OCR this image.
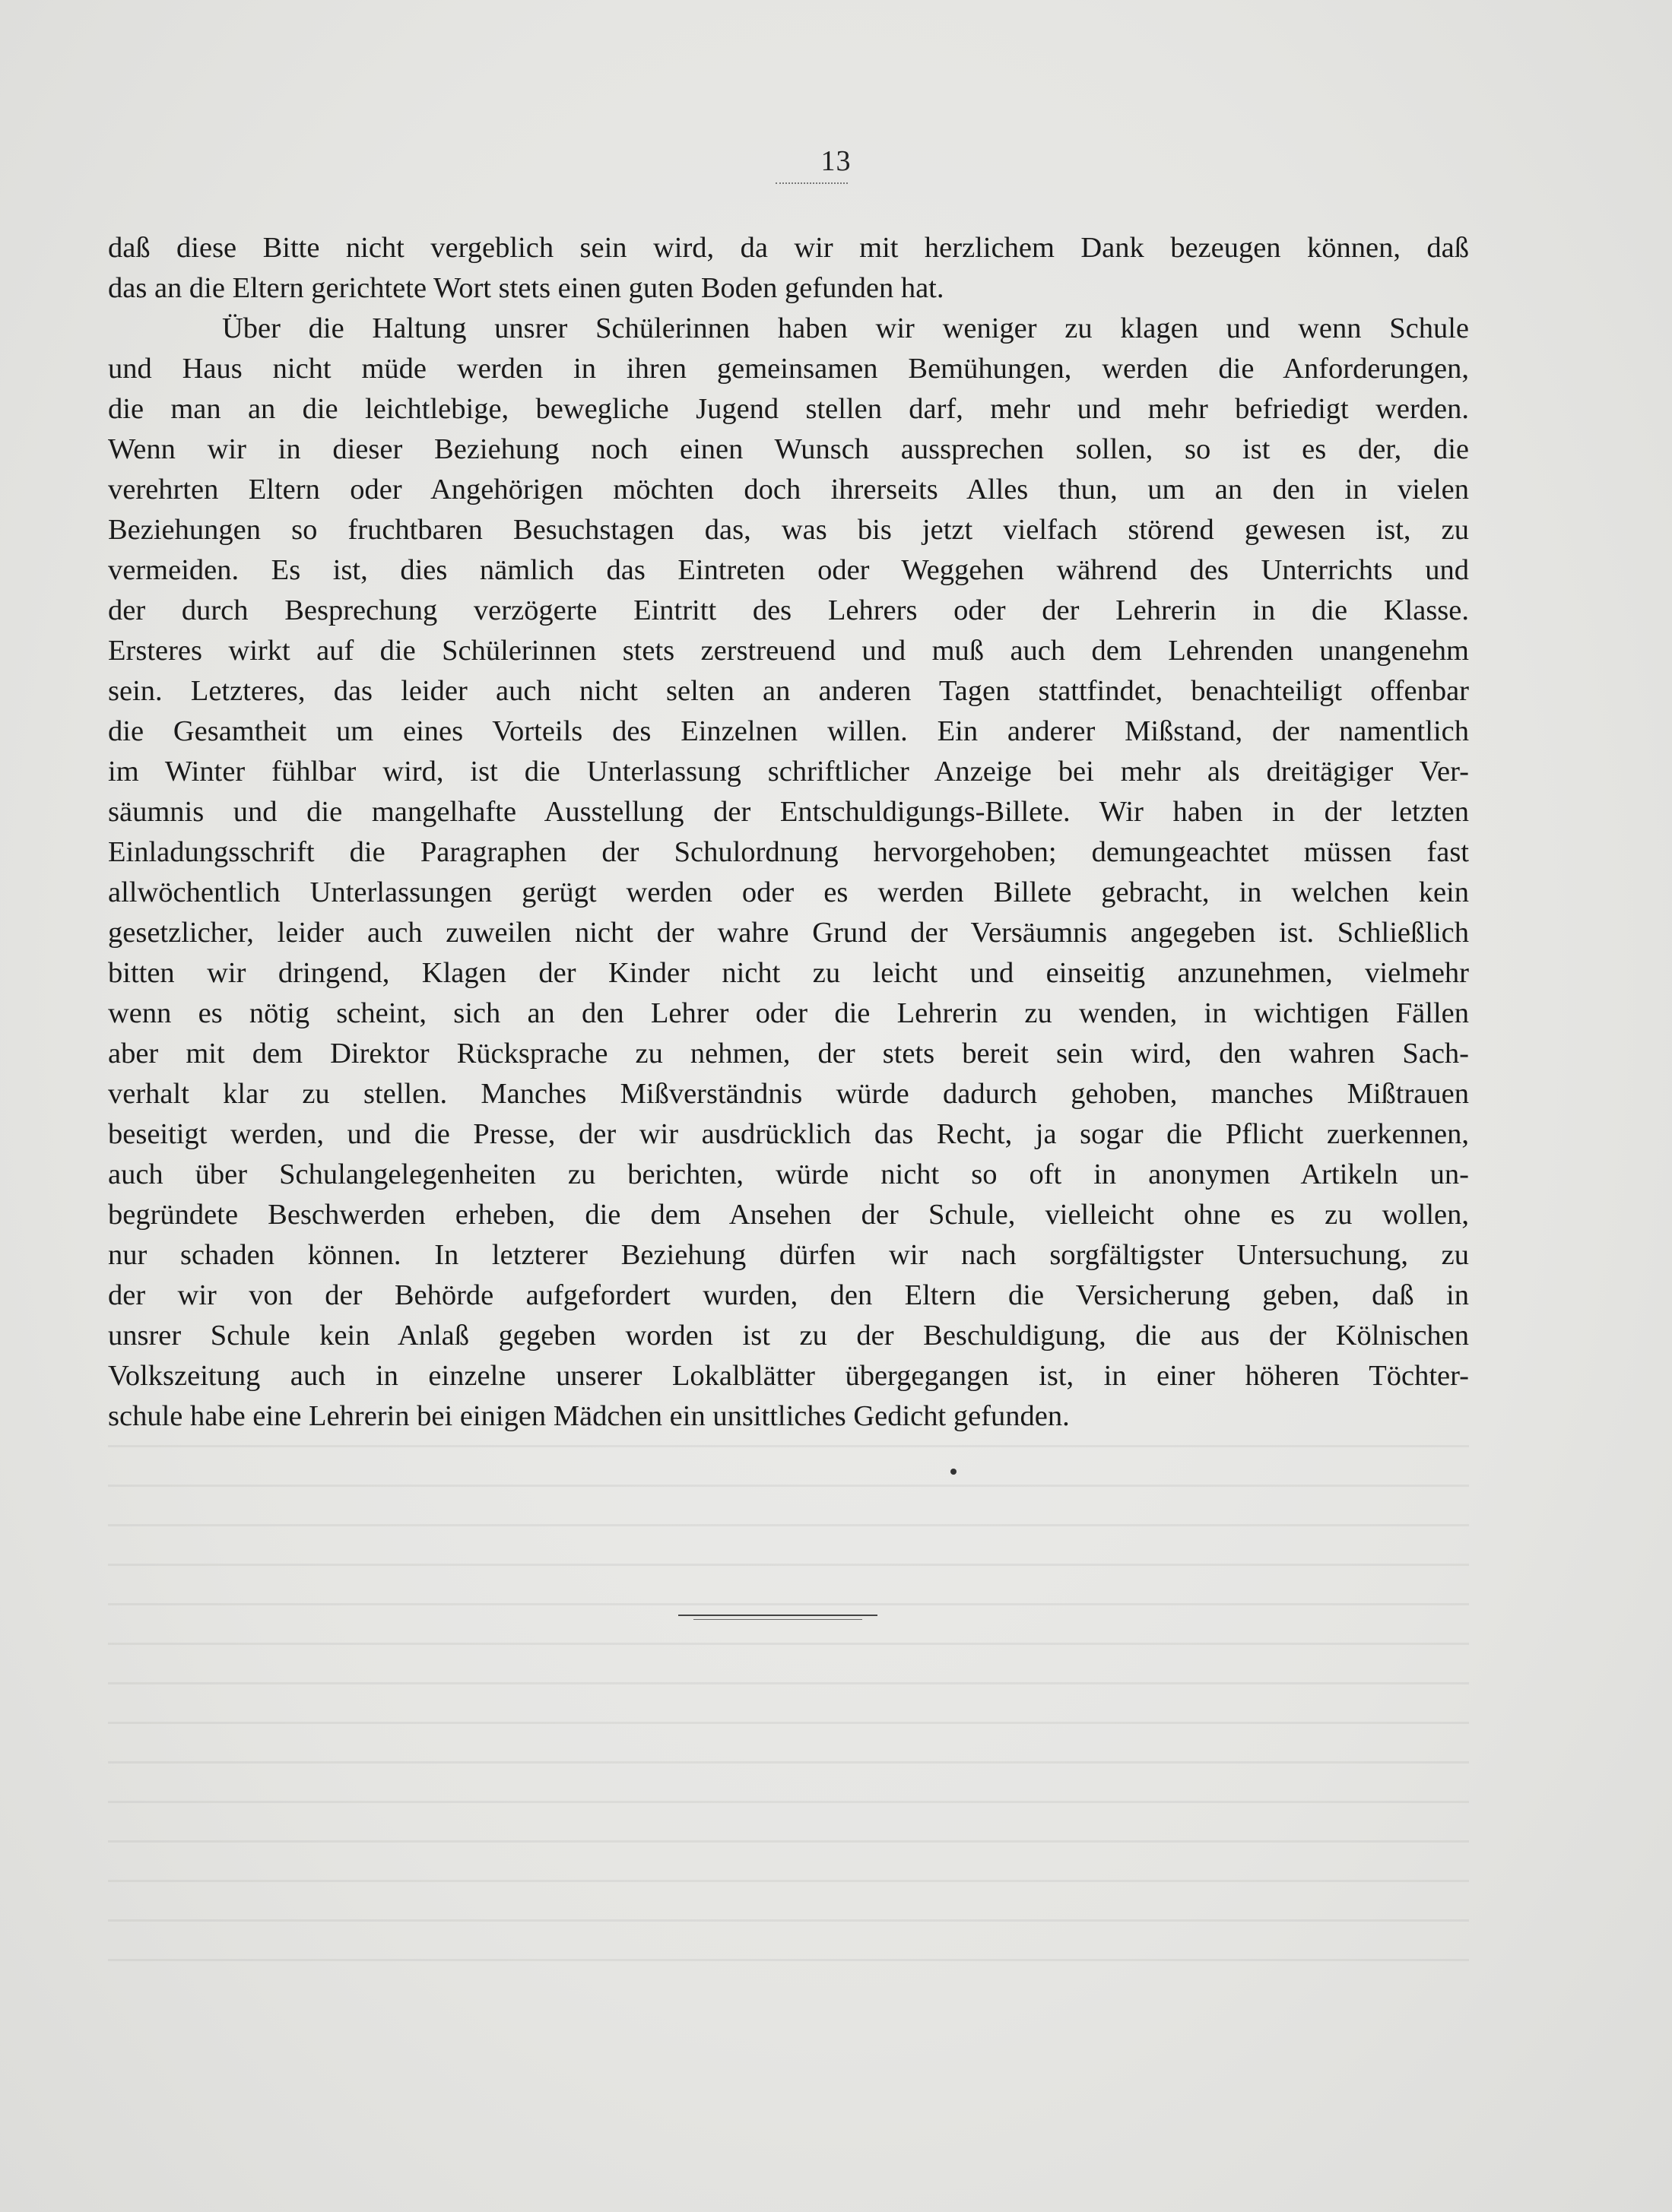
13
daß diese Bitte nicht vergeblich sein wird, da wir mit herzlichem Dank bezeugen können, daß
das an die Eltern gerichtete Wort stets einen guten Boden gefunden hat.
Über die Haltung unsrer Schülerinnen haben wir weniger zu klagen und wenn Schule
und Haus nicht müde werden in ihren gemeinsamen Bemühungen, werden die Anforderungen,
die man an die leichtlebige, bewegliche Jugend stellen darf, mehr und mehr befriedigt werden.
Wenn wir in dieser Beziehung noch einen Wunsch aussprechen sollen, so ist es der, die
verehrten Eltern oder Angehörigen möchten doch ihrerseits Alles thun, um an den in vielen
Beziehungen so fruchtbaren Besuchstagen das, was bis jetzt vielfach störend gewesen ist, zu
vermeiden. Es ist, dies nämlich das Eintreten oder Weggehen während des Unterrichts und
der durch Besprechung verzögerte Eintritt des Lehrers oder der Lehrerin in die Klasse.
Ersteres wirkt auf die Schülerinnen stets zerstreuend und muß auch dem Lehrenden unangenehm
sein. Letzteres, das leider auch nicht selten an anderen Tagen stattfindet, benachteiligt offenbar
die Gesamtheit um eines Vorteils des Einzelnen willen. Ein anderer Mißstand, der namentlich
im Winter fühlbar wird, ist die Unterlassung schriftlicher Anzeige bei mehr als dreitägiger Ver-
säumnis und die mangelhafte Ausstellung der Entschuldigungs-Billete. Wir haben in der letzten
Einladungsschrift die Paragraphen der Schulordnung hervorgehoben; demungeachtet müssen fast
allwöchentlich Unterlassungen gerügt werden oder es werden Billete gebracht, in welchen kein
gesetzlicher, leider auch zuweilen nicht der wahre Grund der Versäumnis angegeben ist. Schließlich
bitten wir dringend, Klagen der Kinder nicht zu leicht und einseitig anzunehmen, vielmehr
wenn es nötig scheint, sich an den Lehrer oder die Lehrerin zu wenden, in wichtigen Fällen
aber mit dem Direktor Rücksprache zu nehmen, der stets bereit sein wird, den wahren Sach-
verhalt klar zu stellen. Manches Mißverständnis würde dadurch gehoben, manches Mißtrauen
beseitigt werden, und die Presse, der wir ausdrücklich das Recht, ja sogar die Pflicht zuerkennen,
auch über Schulangelegenheiten zu berichten, würde nicht so oft in anonymen Artikeln un-
begründete Beschwerden erheben, die dem Ansehen der Schule, vielleicht ohne es zu wollen,
nur schaden können. In letzterer Beziehung dürfen wir nach sorgfältigster Untersuchung, zu
der wir von der Behörde aufgefordert wurden, den Eltern die Versicherung geben, daß in
unsrer Schule kein Anlaß gegeben worden ist zu der Beschuldigung, die aus der Kölnischen
Volkszeitung auch in einzelne unserer Lokalblätter übergegangen ist, in einer höheren Töchter-
schule habe eine Lehrerin bei einigen Mädchen ein unsittliches Gedicht gefunden.
